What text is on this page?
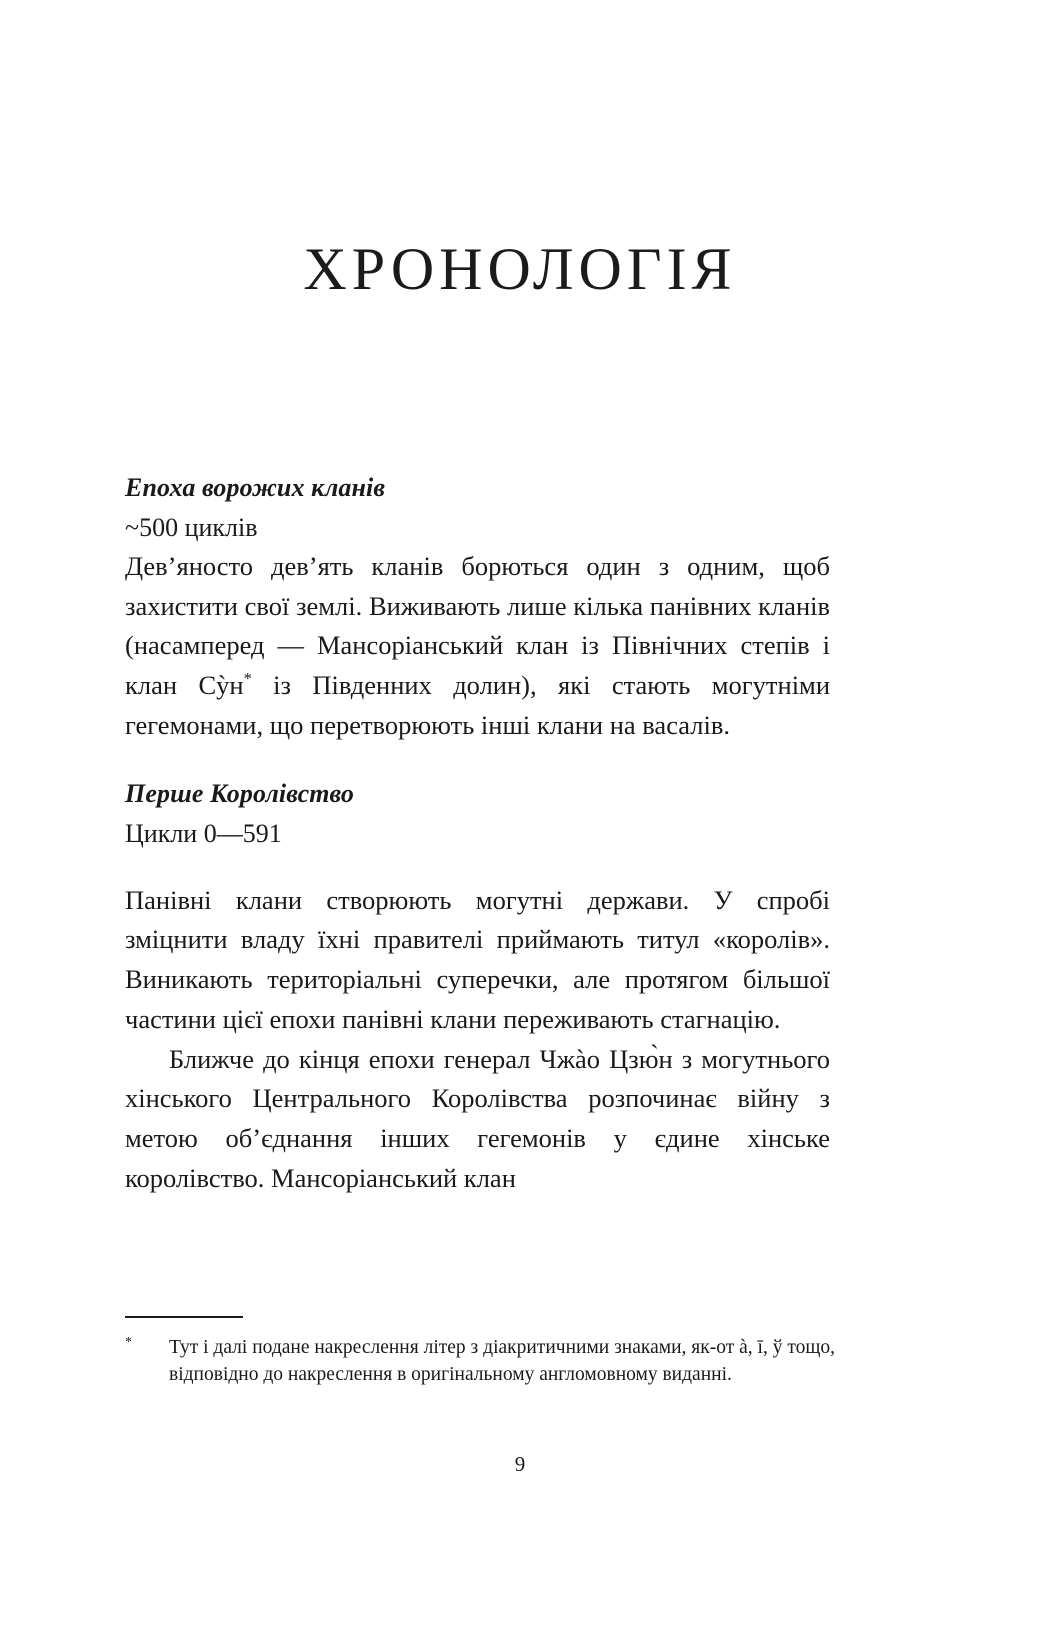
ХРОНОЛОГІЯ
Епоха ворожих кланів
~500 циклів

Дев’яносто дев’ять кланів борються один з одним, щоб захистити свої землі. Виживають лише кілька панівних кланів (насамперед — Мансоріанський клан із Північних степів і клан Сỳн* із Південних долин), які стають могутніми гегемонами, що перетворюють інші клани на васалів.

Перше Королівство
Цикли 0—591

Панівні клани створюють могутні держави. У спробі зміцнити владу їхні правителі приймають титул «королів». Виникають територіальні суперечки, але протягом більшої частини цієї епохи панівні клани переживають стагнацію.

Ближче до кінця епохи генерал Чжàо Цзю̀н з могутнього хінського Центрального Королівства розпочинає війну з метою об’єднання інших гегемонів у єдине хінське королівство. Мансоріанський клан

*	Тут і далі подане накреслення літер з діакритичними знаками, як-от à, ī, ў тощо, відповідно до накреслення в оригінальному англомовному виданні.
9
